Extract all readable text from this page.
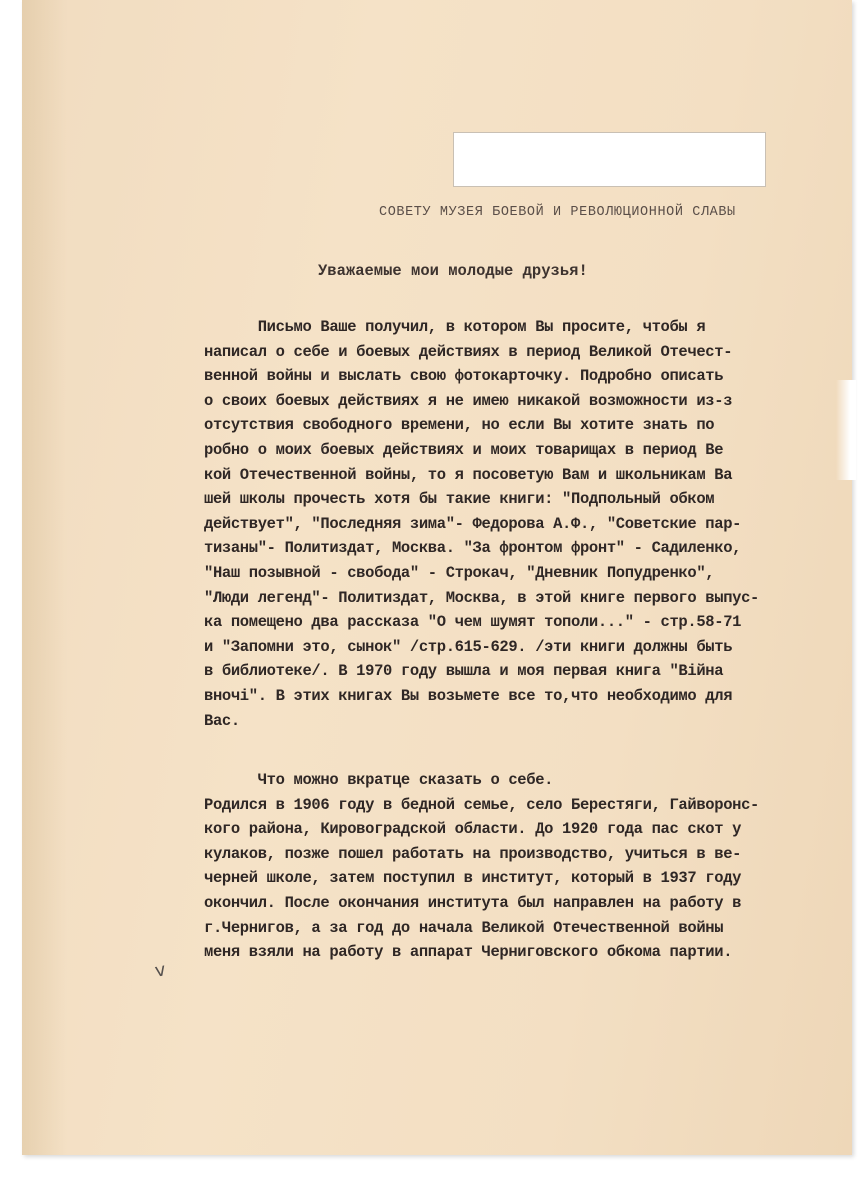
СОВЕТУ МУЗЕЯ БОЕВОЙ И РЕВОЛЮЦИОННОЙ СЛАВЫ
Уважаемые мои молодые друзья!
Письмо Ваше получил, в котором Вы просите, чтобы я
написал о себе и боевых действиях в период Великой Отечест-
венной войны и выслать свою фотокарточку. Подробно описать
о своих боевых действиях я не имею никакой возможности из-з
отсутствия свободного времени, но если Вы хотите знать по
робно о моих боевых действиях и моих товарищах в период Ве
кой Отечественной войны, то я посоветую Вам и школьникам Ва
шей школы прочесть хотя бы такие книги: "Подпольный обком
действует", "Последняя зима"- Федорова А.Ф., "Советские пар-
тизаны"- Политиздат, Москва. "За фронтом фронт" - Садиленко,
"Наш позывной - свобода" - Строкач, "Дневник Попудренко",
"Люди легенд"- Политиздат, Москва, в этой книге первого выпус-
ка помещено два рассказа "О чем шумят тополи..." - стр.58-71
и "Запомни это, сынок" /стр.615-629. /эти книги должны быть
в библиотеке/. В 1970 году вышла и моя первая книга "Війна
вночі". В этих книгах Вы возьмете все то,что необходимо для
Вас.
Что можно вкратце сказать о себе.
Родился в 1906 году в бедной семье, село Берестяги, Гайворонс-
кого района, Кировоградской области. До 1920 года пас скот у
кулаков, позже пошел работать на производство, учиться в ве-
черней школе, затем поступил в институт, который в 1937 году
окончил. После окончания института был направлен на работу в
г.Чернигов, а за год до начала Великой Отечественной войны
меня взяли на работу в аппарат Черниговского обкома партии.
v
